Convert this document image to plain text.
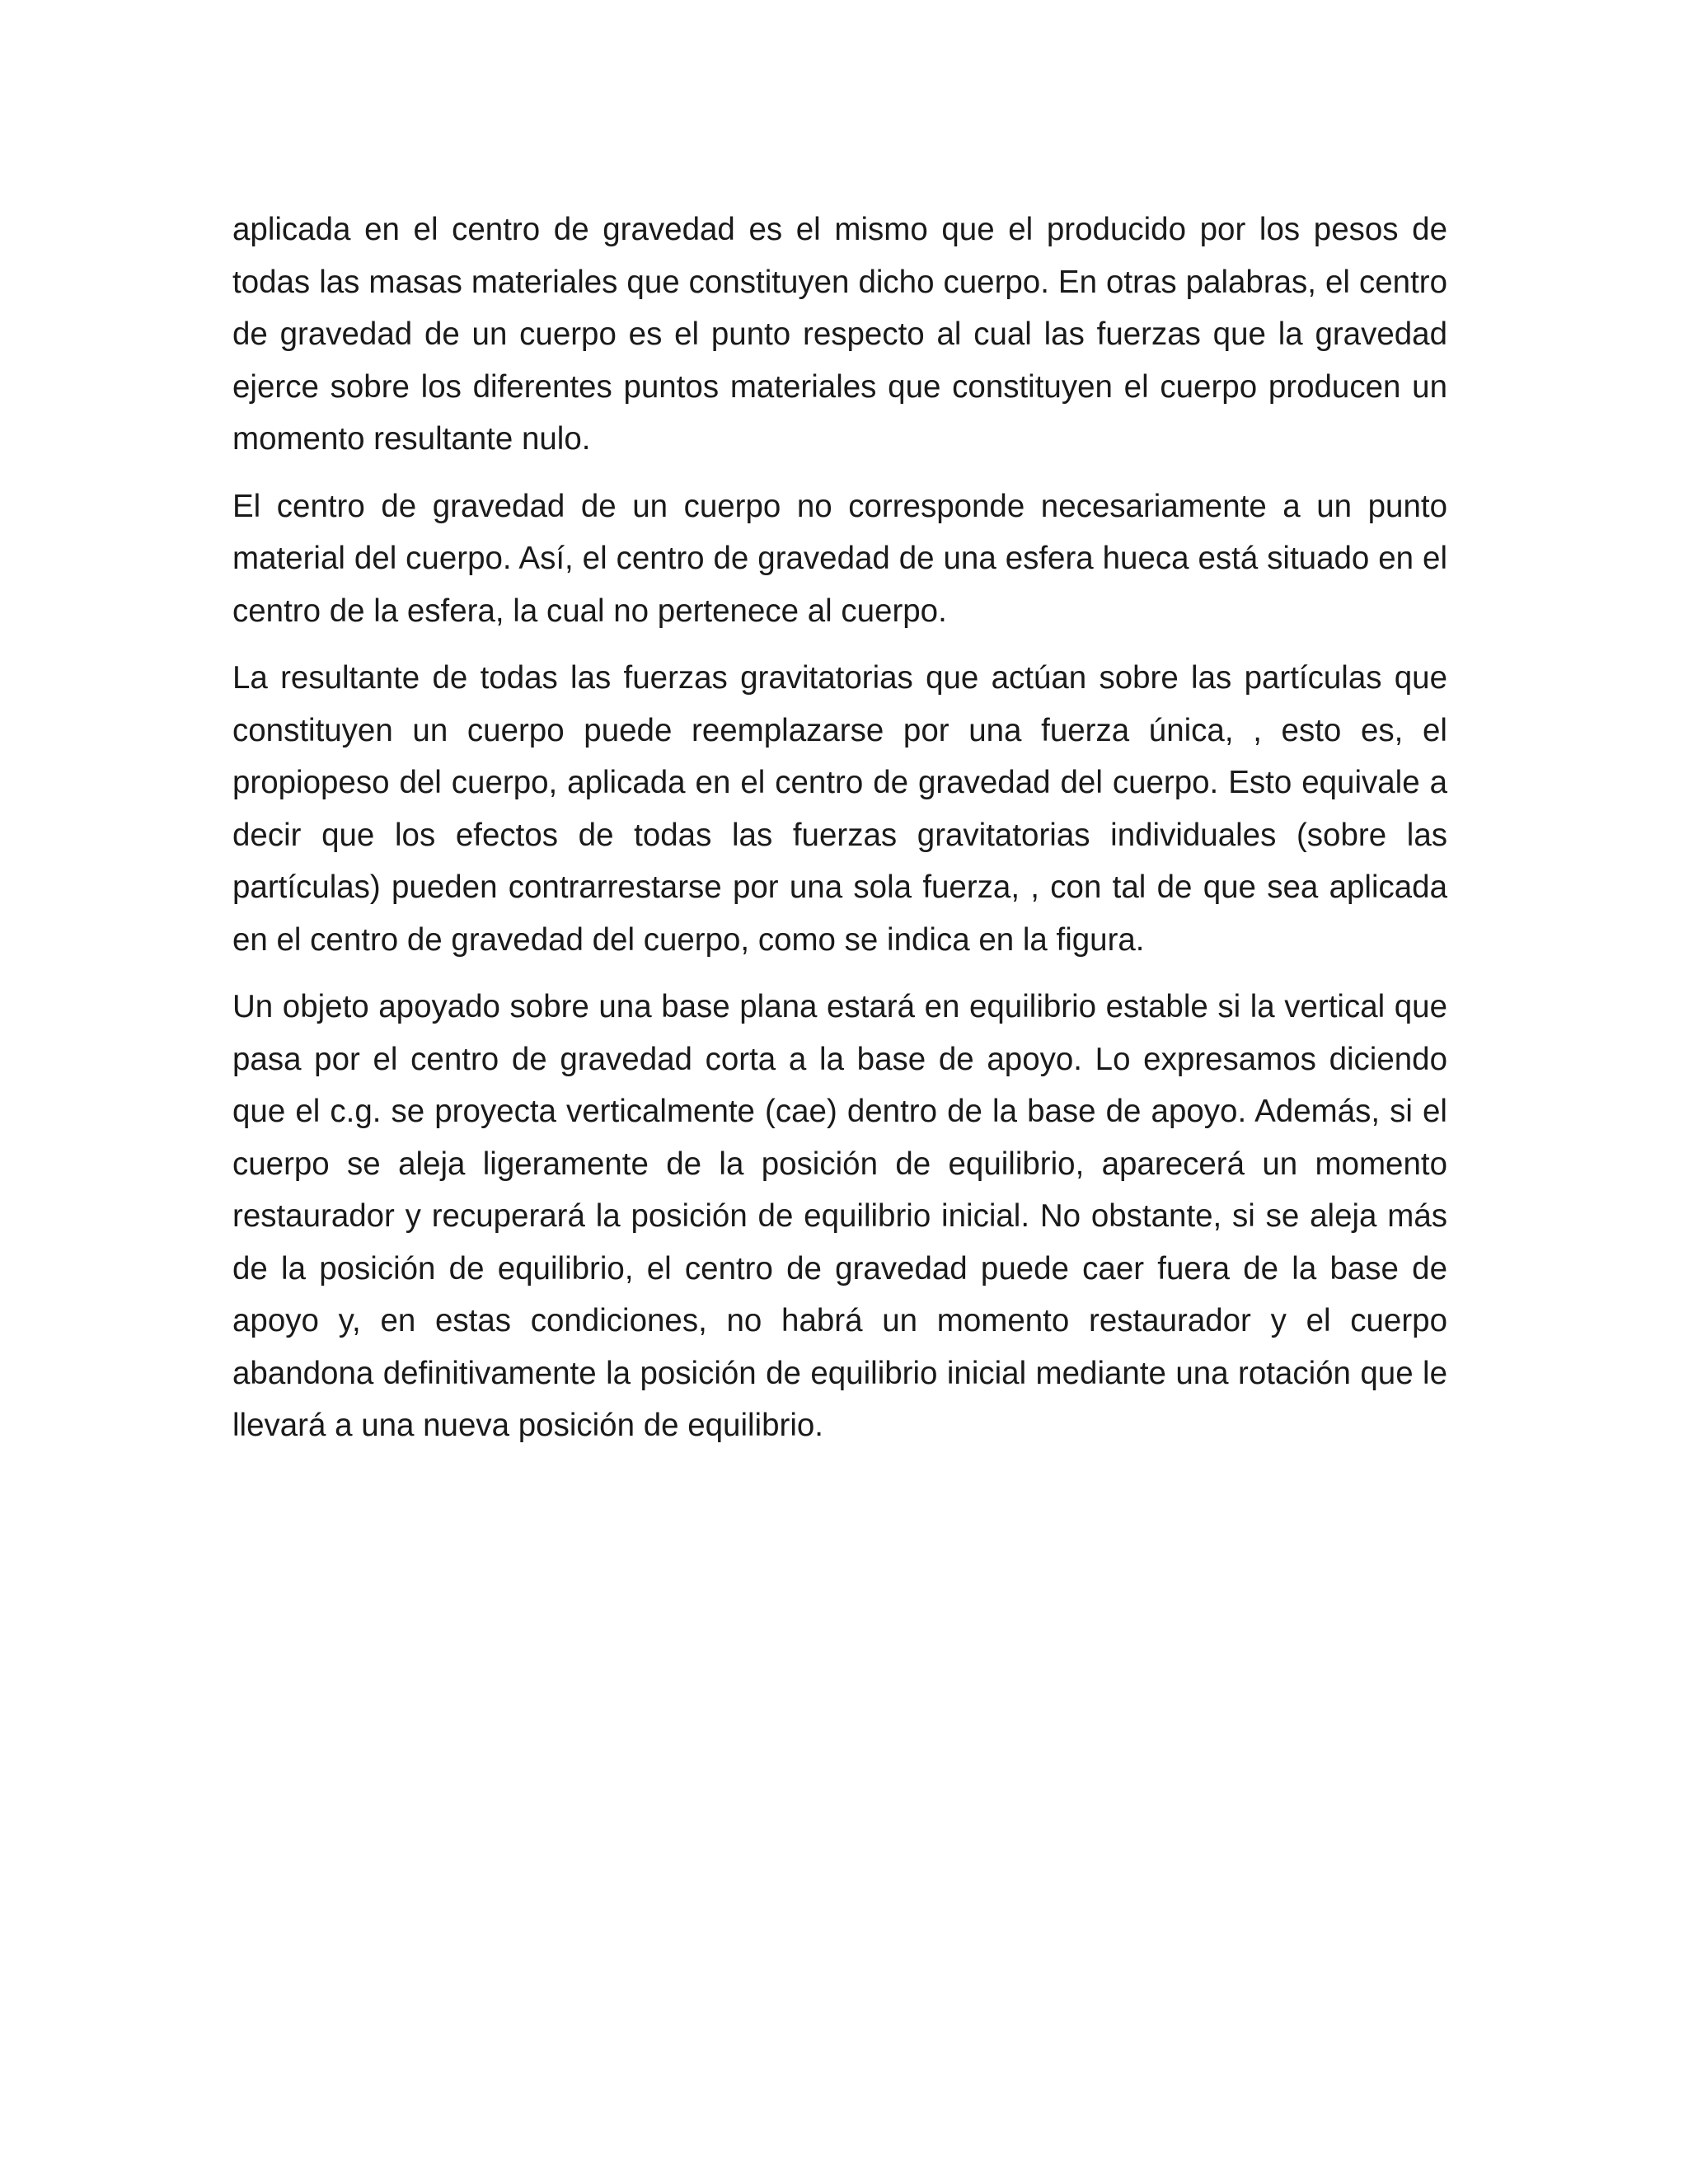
aplicada en el centro de gravedad es el mismo que el producido por los pesos de todas las masas materiales que constituyen dicho cuerpo. En otras palabras, el centro de gravedad de un cuerpo es el punto respecto al cual las fuerzas que la gravedad ejerce sobre los diferentes puntos materiales que constituyen el cuerpo producen un momento resultante nulo.

El centro de gravedad de un cuerpo no corresponde necesariamente a un punto material del cuerpo. Así, el centro de gravedad de una esfera hueca está situado en el centro de la esfera, la cual no pertenece al cuerpo.

La resultante de todas las fuerzas gravitatorias que actúan sobre las partículas que constituyen un cuerpo puede reemplazarse por una fuerza única, , esto es, el propiopeso del cuerpo, aplicada en el centro de gravedad del cuerpo. Esto equivale a decir que los efectos de todas las fuerzas gravitatorias individuales (sobre las partículas) pueden contrarrestarse por una sola fuerza, , con tal de que sea aplicada en el centro de gravedad del cuerpo, como se indica en la figura.

Un objeto apoyado sobre una base plana estará en equilibrio estable si la vertical que pasa por el centro de gravedad corta a la base de apoyo. Lo expresamos diciendo que el c.g. se proyecta verticalmente (cae) dentro de la base de apoyo. Además, si el cuerpo se aleja ligeramente de la posición de equilibrio, aparecerá un momento restaurador y recuperará la posición de equilibrio inicial. No obstante, si se aleja más de la posición de equilibrio, el centro de gravedad puede caer fuera de la base de apoyo y, en estas condiciones, no habrá un momento restaurador y el cuerpo abandona definitivamente la posición de equilibrio inicial mediante una rotación que le llevará a una nueva posición de equilibrio.
